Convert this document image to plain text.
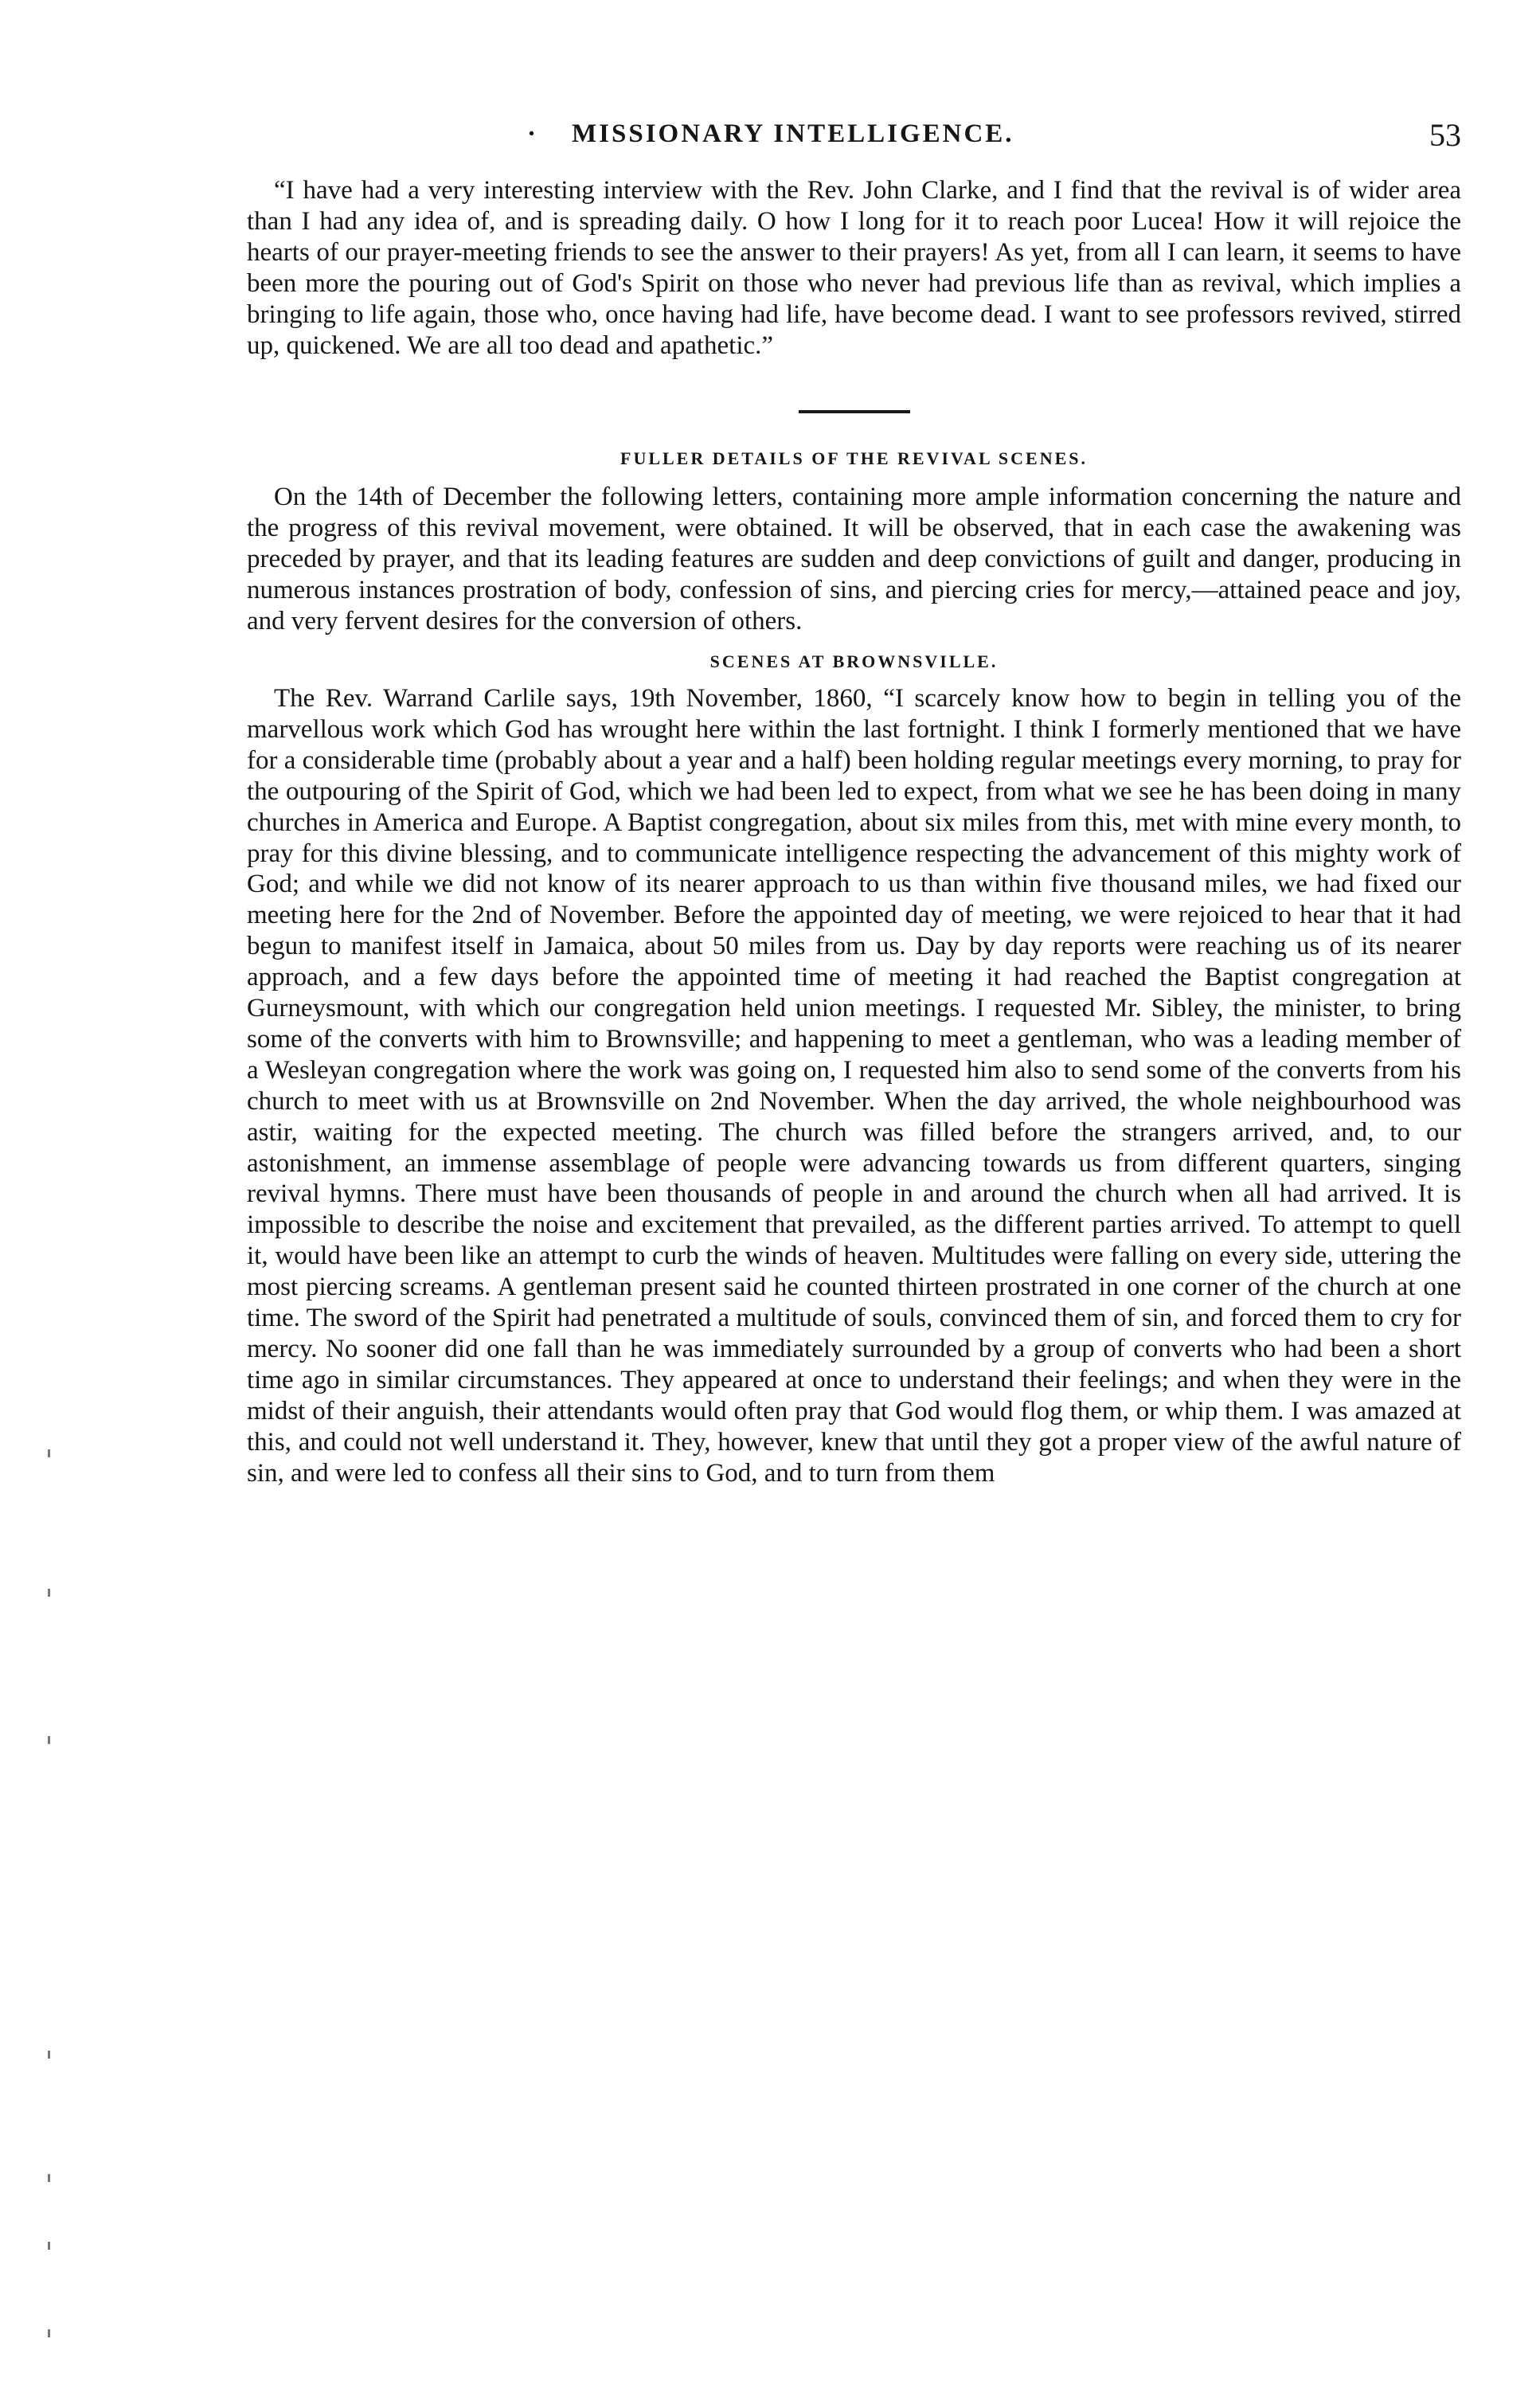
· MISSIONARY INTELLIGENCE.	53

“I have had a very interesting interview with the Rev. John Clarke, and I find that the revival is of wider area than I had any idea of, and is spreading daily. O how I long for it to reach poor Lucea! How it will rejoice the hearts of our prayer-meeting friends to see the answer to their prayers! As yet, from all I can learn, it seems to have been more the pouring out of God's Spirit on those who never had previous life than as revival, which implies a bringing to life again, those who, once having had life, have become dead. I want to see professors revived, stirred up, quickened. We are all too dead and apathetic.”

FULLER DETAILS OF THE REVIVAL SCENES.

On the 14th of December the following letters, containing more ample information concerning the nature and the progress of this revival movement, were obtained. It will be observed, that in each case the awakening was preceded by prayer, and that its leading features are sudden and deep convictions of guilt and danger, producing in numerous instances prostration of body, confession of sins, and piercing cries for mercy,—attained peace and joy, and very fervent desires for the conversion of others.

SCENES AT BROWNSVILLE.

The Rev. Warrand Carlile says, 19th November, 1860, “I scarcely know how to begin in telling you of the marvellous work which God has wrought here within the last fortnight. I think I formerly mentioned that we have for a considerable time (probably about a year and a half) been holding regular meetings every morning, to pray for the outpouring of the Spirit of God, which we had been led to expect, from what we see he has been doing in many churches in America and Europe. A Baptist congregation, about six miles from this, met with mine every month, to pray for this divine blessing, and to communicate intelligence respecting the advancement of this mighty work of God; and while we did not know of its nearer approach to us than within five thousand miles, we had fixed our meeting here for the 2nd of November. Before the appointed day of meeting, we were rejoiced to hear that it had begun to manifest itself in Jamaica, about 50 miles from us. Day by day reports were reaching us of its nearer approach, and a few days before the appointed time of meeting it had reached the Baptist congregation at Gurneysmount, with which our congregation held union meetings. I requested Mr. Sibley, the minister, to bring some of the converts with him to Brownsville; and happening to meet a gentleman, who was a leading member of a Wesleyan congregation where the work was going on, I requested him also to send some of the converts from his church to meet with us at Brownsville on 2nd November. When the day arrived, the whole neighbourhood was astir, waiting for the expected meeting. The church was filled before the strangers arrived, and, to our astonishment, an immense assemblage of people were advancing towards us from different quarters, singing revival hymns. There must have been thousands of people in and around the church when all had arrived. It is impossible to describe the noise and excitement that prevailed, as the different parties arrived. To attempt to quell it, would have been like an attempt to curb the winds of heaven. Multitudes were falling on every side, uttering the most piercing screams. A gentleman present said he counted thirteen prostrated in one corner of the church at one time. The sword of the Spirit had penetrated a multitude of souls, convinced them of sin, and forced them to cry for mercy. No sooner did one fall than he was immediately surrounded by a group of converts who had been a short time ago in similar circumstances. They appeared at once to understand their feelings; and when they were in the midst of their anguish, their attendants would often pray that God would flog them, or whip them. I was amazed at this, and could not well understand it. They, however, knew that until they got a proper view of the awful nature of sin, and were led to confess all their sins to God, and to turn from them
